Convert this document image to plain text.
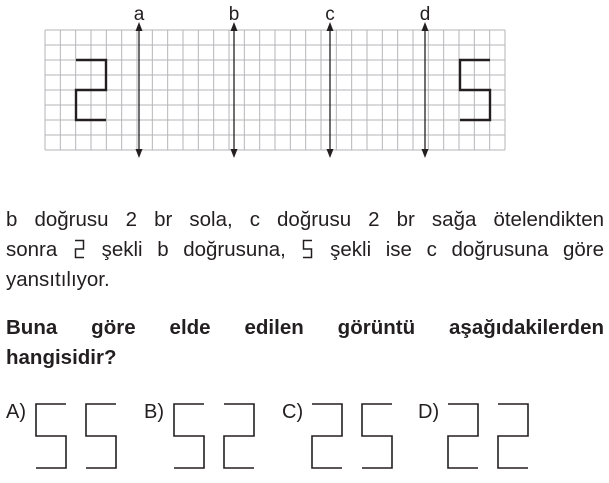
a	b	c	d
b doğrusu 2 br sola, c doğrusu 2 br sağa ötelendikten
sonra şekli b doğrusuna, şekli ise c doğrusuna göre
yansıtılıyor.
Buna göre elde edilen görüntü aşağıdakilerden
hangisidir?
A)	B)	C)	D)
